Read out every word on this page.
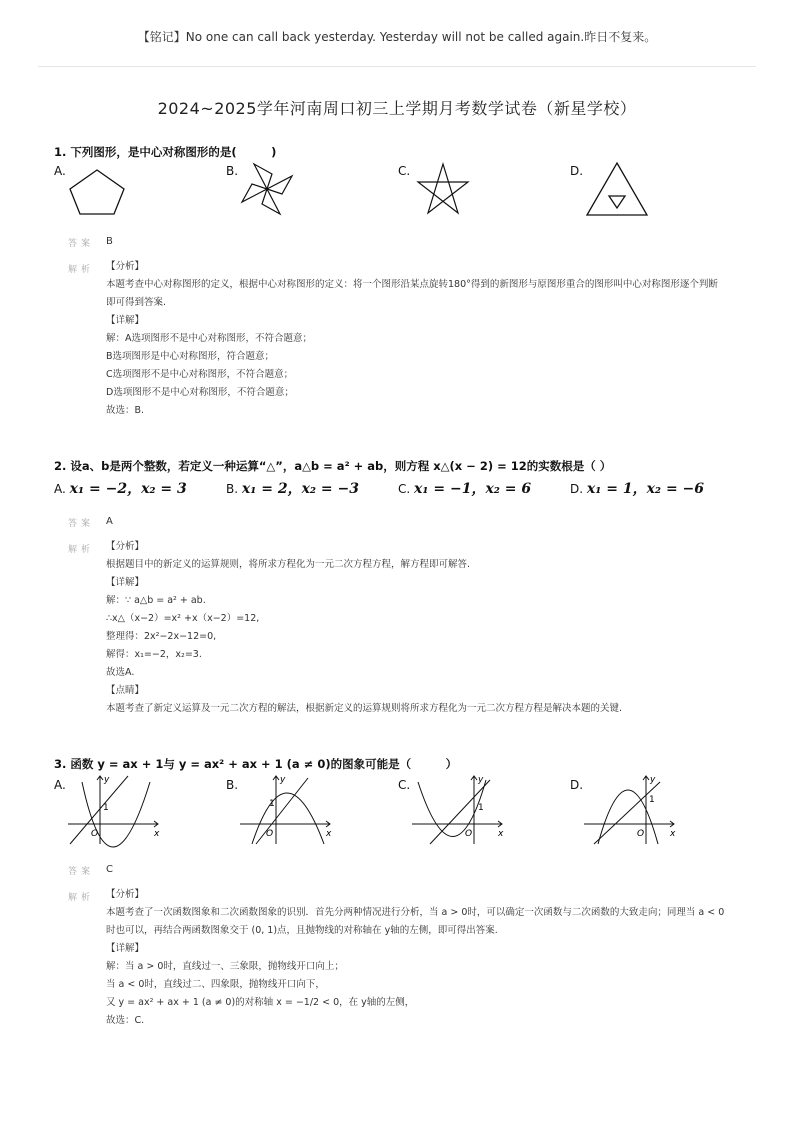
【铭记】No one can call back yesterday. Yesterday will not be called again.昨日不复来。
2024~2025学年河南周口初三上学期月考数学试卷（新星学校）
1. 下列图形，是中心对称图形的是(　　　)
A.	B.	C.	D.
答案 B
解析 【分析】
本题考查中心对称图形的定义，根据中心对称图形的定义：将一个图形沿某点旋转180°得到的新图形与原图形重合的图形叫中心对称图形逐个判断即可得到答案.
【详解】
解：A选项图形不是中心对称图形，不符合题意；
B选项图形是中心对称图形，符合题意；
C选项图形不是中心对称图形，不符合题意；
D选项图形不是中心对称图形，不符合题意；
故选：B.
2. 设a、b是两个整数，若定义一种运算“△”，a△b = a² + ab，则方程 x△(x − 2) = 12的实数根是（ ）
A. x₁ = −2，x₂ = 3	B. x₁ = 2，x₂ = −3	C. x₁ = −1，x₂ = 6	D. x₁ = 1，x₂ = −6
答案 A
解析 【分析】
根据题目中的新定义的运算规则，将所求方程化为一元二次方程方程，解方程即可解答.
【详解】
解：∵ a△b = a² + ab.
∴x△（x−2）=x² +x（x−2）=12,
整理得：2x²−2x−12=0,
解得：x₁=−2，x₂=3.
故选A.
【点睛】
本题考查了新定义运算及一元二次方程的解法，根据新定义的运算规则将所求方程化为一元二次方程方程是解决本题的关键.
3. 函数 y = ax + 1与 y = ax² + ax + 1 (a ≠ 0)的图象可能是（　　　）
A.	B.	C.	D.
y
x
O
1
y
x
O
1
y
x
O
1
y
x
O
1
答案 C
解析 【分析】
本题考查了一次函数图象和二次函数图象的识别．首先分两种情况进行分析，当 a > 0时，可以确定一次函数与二次函数的大致走向；同理当 a < 0时也可以，再结合两函数图象交于 (0, 1)点，且抛物线的对称轴在 y轴的左侧，即可得出答案.
【详解】
解：当 a > 0时，直线过一、三象限，抛物线开口向上；
当 a < 0时，直线过二、四象限，抛物线开口向下，
又 y = ax² + ax + 1 (a ≠ 0)的对称轴 x = −1/2 < 0，在 y轴的左侧，
故选：C.
